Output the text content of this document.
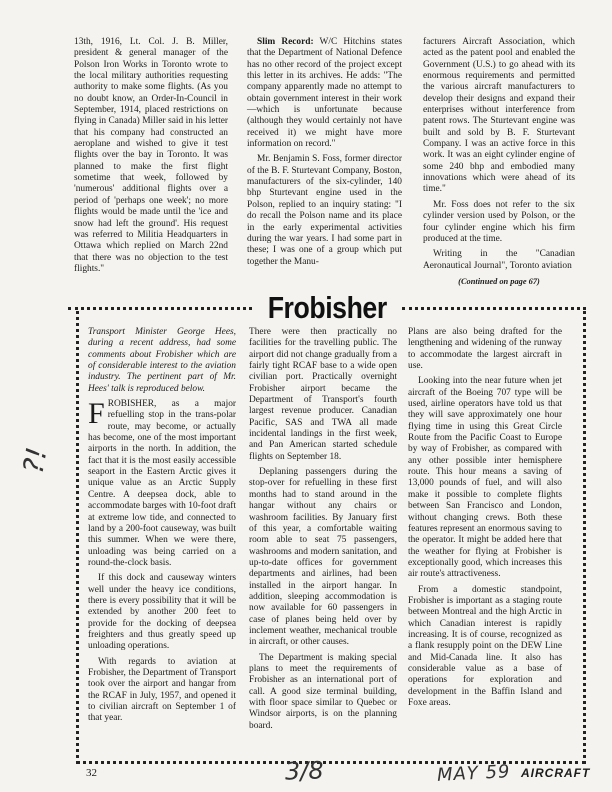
13th, 1916, Lt. Col. J. B. Miller, president & general manager of the Polson Iron Works in Toronto wrote to the local military authorities requesting authority to make some flights. (As you no doubt know, an Order-In-Council in September, 1914, placed restrictions on flying in Canada) Miller said in his letter that his company had constructed an aeroplane and wished to give it test flights over the bay in Toronto. It was planned to make the first flight sometime that week, followed by 'numerous' additional flights over a period of 'perhaps one week'; no more flights would be made until the 'ice and snow had left the ground'. His request was referred to Militia Headquarters in Ottawa which replied on March 22nd that there was no objection to the test flights."

Slim Record: W/C Hitchins states that the Department of National Defence has no other record of the project except this letter in its archives. He adds: "The company apparently made no attempt to obtain government interest in their work—which is unfortunate because (although they would certainly not have received it) we might have more information on record."

Mr. Benjamin S. Foss, former director of the B. F. Sturtevant Company, Boston, manufacturers of the six-cylinder, 140 bhp Sturtevant engine used in the Polson, replied to an inquiry stating: "I do recall the Polson name and its place in the early experimental activities during the war years. I had some part in these; I was one of a group which put together the Manu-

facturers Aircraft Association, which acted as the patent pool and enabled the Government (U.S.) to go ahead with its enormous requirements and permitted the various aircraft manufacturers to develop their designs and expand their enterprises without interference from patent rows. The Sturtevant engine was built and sold by B. F. Sturtevant Company. I was an active force in this work. It was an eight cylinder engine of some 240 bhp and embodied many innovations which were ahead of its time."

Mr. Foss does not refer to the six cylinder version used by Polson, or the four cylinder engine which his firm produced at the time.

Writing in the "Canadian Aeronautical Journal", Toronto aviation

(Continued on page 67)
Frobisher

Transport Minister George Hees, during a recent address, had some comments about Frobisher which are of considerable interest to the aviation industry. The pertinent part of Mr. Hees' talk is reproduced below.

FROBISHER, as a major refuelling stop in the trans-polar route, may become, or actually has become, one of the most important airports in the north. In addition, the fact that it is the most easily accessible seaport in the Eastern Arctic gives it unique value as an Arctic Supply Centre. A deepsea dock, able to accommodate barges with 10-foot draft at extreme low tide, and connected to land by a 200-foot causeway, was built this summer. When we were there, unloading was being carried on a round-the-clock basis.

If this dock and causeway winters well under the heavy ice conditions, there is every possibility that it will be extended by another 200 feet to provide for the docking of deepsea freighters and thus greatly speed up unloading operations.

With regards to aviation at Frobisher, the Department of Transport took over the airport and hangar from the RCAF in July, 1957, and opened it to civilian aircraft on September 1 of that year.

There were then practically no facilities for the travelling public. The airport did not change gradually from a fairly tight RCAF base to a wide open civilian port. Practically overnight Frobisher airport became the Department of Transport's fourth largest revenue producer. Canadian Pacific, SAS and TWA all made incidental landings in the first week, and Pan American started schedule flights on September 18.

Deplaning passengers during the stop-over for refuelling in these first months had to stand around in the hangar without any chairs or washroom facilities. By January first of this year, a comfortable waiting room able to seat 75 passengers, washrooms and modern sanitation, and up-to-date offices for government departments and airlines, had been installed in the airport hangar. In addition, sleeping accommodation is now available for 60 passengers in case of planes being held over by inclement weather, mechanical trouble in aircraft, or other causes.

The Department is making special plans to meet the requirements of Frobisher as an international port of call. A good size terminal building, with floor space similar to Quebec or Windsor airports, is on the planning board.

Plans are also being drafted for the lengthening and widening of the runway to accommodate the largest aircraft in use.

Looking into the near future when jet aircraft of the Boeing 707 type will be used, airline operators have told us that they will save approximately one hour flying time in using this Great Circle Route from the Pacific Coast to Europe by way of Frobisher, as compared with any other possible inter hemisphere route. This hour means a saving of 13,000 pounds of fuel, and will also make it possible to complete flights between San Francisco and London, without changing crews. Both these features represent an enormous saving to the operator. It might be added here that the weather for flying at Frobisher is exceptionally good, which increases this air route's attractiveness.

From a domestic standpoint, Frobisher is important as a staging route between Montreal and the high Arctic in which Canadian interest is rapidly increasing. It is of course, recognized as a flank resupply point on the DEW Line and Mid-Canada line. It also has considerable value as a base of operations for exploration and development in the Baffin Island and Foxe areas.

32	AIRCRAFT
3/8	MAY 59
?!
